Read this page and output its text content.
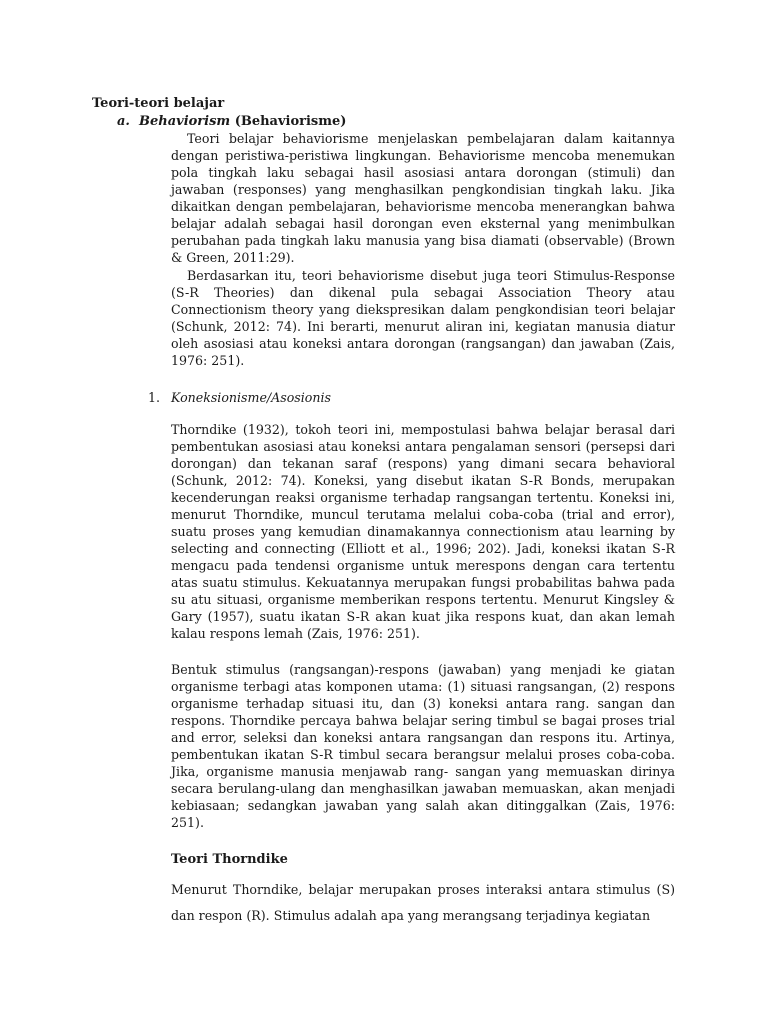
Teori-teori belajar
a. Behaviorism (Behaviorisme)

Teori belajar behaviorisme menjelaskan pembelajaran dalam kaitannya dengan peristiwa-peristiwa lingkungan. Behaviorisme mencoba menemukan pola tingkah laku sebagai hasil asosiasi antara dorongan (stimuli) dan jawaban (responses) yang menghasilkan pengkondisian tingkah laku. Jika dikaitkan dengan pembelajaran, behaviorisme mencoba menerangkan bahwa belajar adalah sebagai hasil dorongan even eksternal yang menimbulkan perubahan pada tingkah laku manusia yang bisa diamati (observable) (Brown & Green, 2011:29).

Berdasarkan itu, teori behaviorisme disebut juga teori Stimulus-Response (S-R Theories) dan dikenal pula sebagai Association Theory atau Connectionism theory yang diekspresikan dalam pengkondisian teori belajar (Schunk, 2012: 74). Ini berarti, menurut aliran ini, kegiatan manusia diatur oleh asosiasi atau koneksi antara dorongan (rangsangan) dan jawaban (Zais, 1976: 251).

1. Koneksionisme/Asosionis

Thorndike (1932), tokoh teori ini, mempostulasi bahwa belajar berasal dari pembentukan asosiasi atau koneksi antara pengalaman sensori (persepsi dari dorongan) dan tekanan saraf (respons) yang dimani secara behavioral (Schunk, 2012: 74). Koneksi, yang disebut ikatan S-R Bonds, merupakan kecenderungan reaksi organisme terhadap rangsangan tertentu. Koneksi ini, menurut Thorndike, muncul terutama melalui coba-coba (trial and error), suatu proses yang kemudian dinamakannya connectionism atau learning by selecting and connecting (Elliott et al., 1996; 202). Jadi, koneksi ikatan S-R mengacu pada tendensi organisme untuk merespons dengan cara tertentu atas suatu stimulus. Kekuatannya merupakan fungsi probabilitas bahwa pada su atu situasi, organisme memberikan respons tertentu. Menurut Kingsley & Gary (1957), suatu ikatan S-R akan kuat jika respons kuat, dan akan lemah kalau respons lemah (Zais, 1976: 251).

Bentuk stimulus (rangsangan)-respons (jawaban) yang menjadi ke giatan organisme terbagi atas komponen utama: (1) situasi rangsangan, (2) respons organisme terhadap situasi itu, dan (3) koneksi antara rang. sangan dan respons. Thorndike percaya bahwa belajar sering timbul se bagai proses trial and error, seleksi dan koneksi antara rangsangan dan respons itu. Artinya, pembentukan ikatan S-R timbul secara berangsur melalui proses coba-coba. Jika, organisme manusia menjawab rang- sangan yang memuaskan dirinya secara berulang-ulang dan menghasilkan jawaban memuaskan, akan menjadi kebiasaan; sedangkan jawaban yang salah akan ditinggalkan (Zais, 1976: 251).

Teori Thorndike

Menurut Thorndike, belajar merupakan proses interaksi antara stimulus (S) dan respon (R). Stimulus adalah apa yang merangsang terjadinya kegiatan
